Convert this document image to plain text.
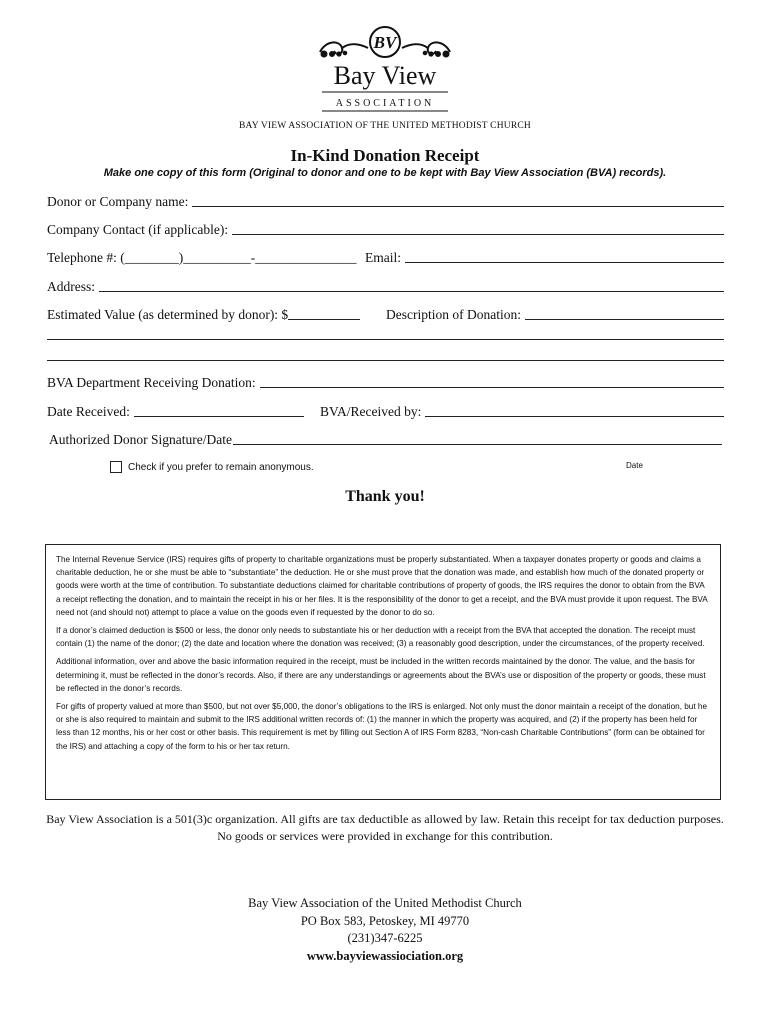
BV
Bay View
ASSOCIATION
BAY VIEW ASSOCIATION OF THE UNITED METHODIST CHURCH
In-Kind Donation Receipt
Make one copy of this form (Original to donor and one to be kept with Bay View Association (BVA) records).
Donor or Company name:
Company Contact (if applicable):
Telephone #: (________)__________-_______________ Email:
Address:
Estimated Value (as determined by donor): $	Description of Donation:
BVA Department Receiving Donation:
Date Received:	BVA/Received by:
Authorized Donor Signature/Date
Check if you prefer to remain anonymous.	Date
Thank you!

The Internal Revenue Service (IRS) requires gifts of property to charitable organizations must be properly substantiated. When a taxpayer donates property or goods and claims a charitable deduction, he or she must be able to “substantiate” the deduction. He or she must prove that the donation was made, and establish how much of the donated property or goods were worth at the time of contribution. To substantiate deductions claimed for charitable contributions of property of goods, the IRS requires the donor to obtain from the BVA a receipt reflecting the donation, and to maintain the receipt in his or her files. It is the responsibility of the donor to get a receipt, and the BVA must provide it upon request. The BVA need not (and should not) attempt to place a value on the goods even if requested by the donor to do so.

If a donor’s claimed deduction is $500 or less, the donor only needs to substantiate his or her deduction with a receipt from the BVA that accepted the donation. The receipt must contain (1) the name of the donor; (2) the date and location where the donation was received; (3) a reasonably good description, under the circumstances, of the property received.

Additional information, over and above the basic information required in the receipt, must be included in the written records maintained by the donor. The value, and the basis for determining it, must be reflected in the donor’s records. Also, if there are any understandings or agreements about the BVA’s use or disposition of the property or goods, these must be reflected in the donor’s records.

For gifts of property valued at more than $500, but not over $5,000, the donor’s obligations to the IRS is enlarged. Not only must the donor maintain a receipt of the donation, but he or she is also required to maintain and submit to the IRS additional written records of: (1) the manner in which the property was acquired, and (2) if the property has been held for less than 12 months, his or her cost or other basis. This requirement is met by filling out Section A of IRS Form 8283, “Non-cash Charitable Contributions” (form can be obtained for the IRS) and attaching a copy of the form to his or her tax return.

Bay View Association is a 501(3)c organization. All gifts are tax deductible as allowed by law. Retain this receipt for tax deduction purposes. No goods or services were provided in exchange for this contribution.
Bay View Association of the United Methodist Church
PO Box 583, Petoskey, MI 49770
(231)347-6225
www.bayviewassiociation.org
